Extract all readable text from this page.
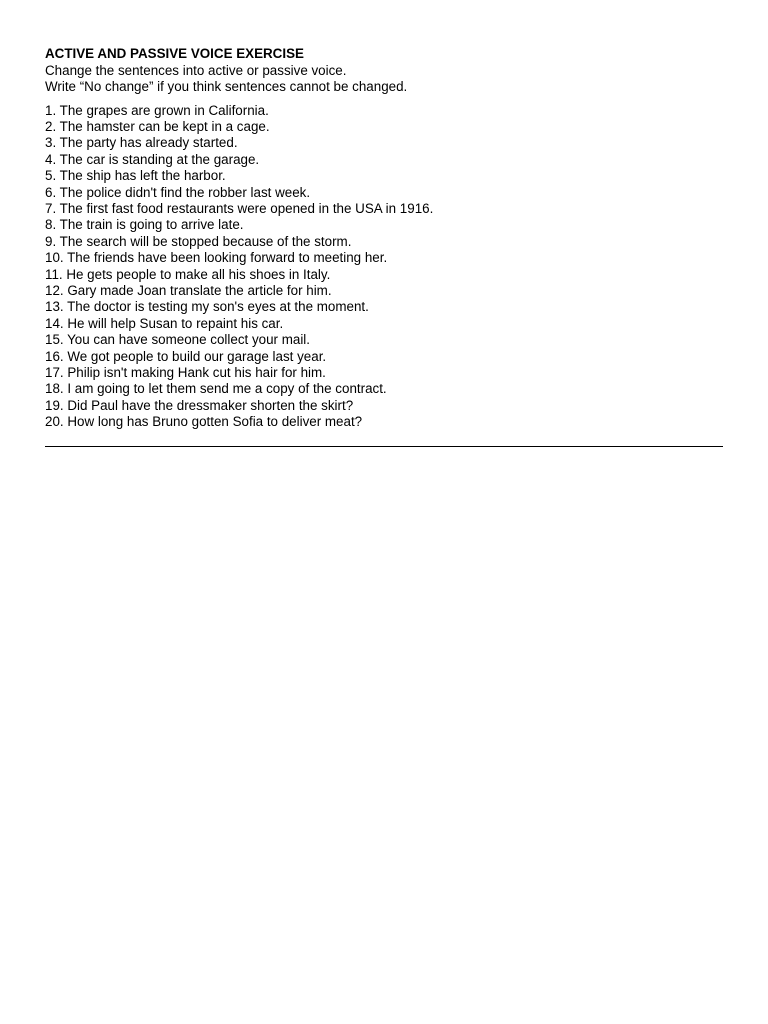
ACTIVE AND PASSIVE VOICE EXERCISE
Change the sentences into active or passive voice.
Write “No change” if you think sentences cannot be changed.
1. The grapes are grown in California.
2. The hamster can be kept in a cage.
3. The party has already started.
4. The car is standing at the garage.
5. The ship has left the harbor.
6. The police didn't find the robber last week.
7. The first fast food restaurants were opened in the USA in 1916.
8. The train is going to arrive late.
9. The search will be stopped because of the storm.
10. The friends have been looking forward to meeting her.
11. He gets people to make all his shoes in Italy.
12. Gary made Joan translate the article for him.
13. The doctor is testing my son's eyes at the moment.
14. He will help Susan to repaint his car.
15. You can have someone collect your mail.
16. We got people to build our garage last year.
17. Philip isn't making Hank cut his hair for him.
18. I am going to let them send me a copy of the contract.
19. Did Paul have the dressmaker shorten the skirt?
20. How long has Bruno gotten Sofia to deliver meat?
